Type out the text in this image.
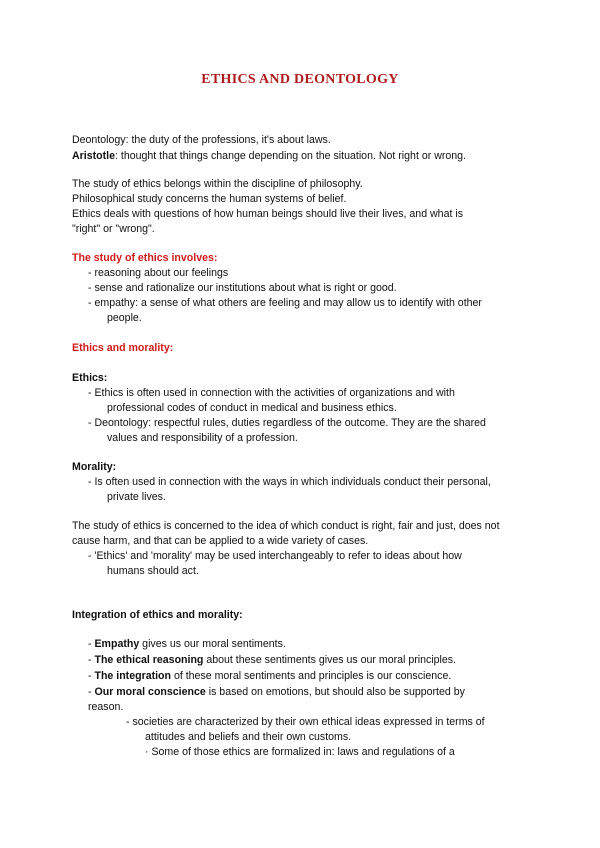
ETHICS AND DEONTOLOGY
Deontology: the duty of the professions, it's about laws.
Aristotle: thought that things change depending on the situation. Not right or wrong.
The study of ethics belongs within the discipline of philosophy.
Philosophical study concerns the human systems of belief.
Ethics deals with questions of how human beings should live their lives, and what is
"right" or "wrong".
The study of ethics involves:
- reasoning about our feelings
- sense and rationalize our institutions about what is right or good.
- empathy: a sense of what others are feeling and may allow us to identify with other
people.
Ethics and morality:
Ethics:
- Ethics is often used in connection with the activities of organizations and with
professional codes of conduct in medical and business ethics.
- Deontology: respectful rules, duties regardless of the outcome. They are the shared
values and responsibility of a profession.
Morality:
- Is often used in connection with the ways in which individuals conduct their personal,
private lives.
The study of ethics is concerned to the idea of which conduct is right, fair and just, does not
cause harm, and that can be applied to a wide variety of cases.
- 'Ethics' and 'morality' may be used interchangeably to refer to ideas about how
humans should act.
Integration of ethics and morality:
- Empathy gives us our moral sentiments.
- The ethical reasoning about these sentiments gives us our moral principles.
- The integration of these moral sentiments and principles is our conscience.
- Our moral conscience is based on emotions, but should also be supported by
reason.
- societies are characterized by their own ethical ideas expressed in terms of
attitudes and beliefs and their own customs.
· Some of those ethics are formalized in: laws and regulations of a
